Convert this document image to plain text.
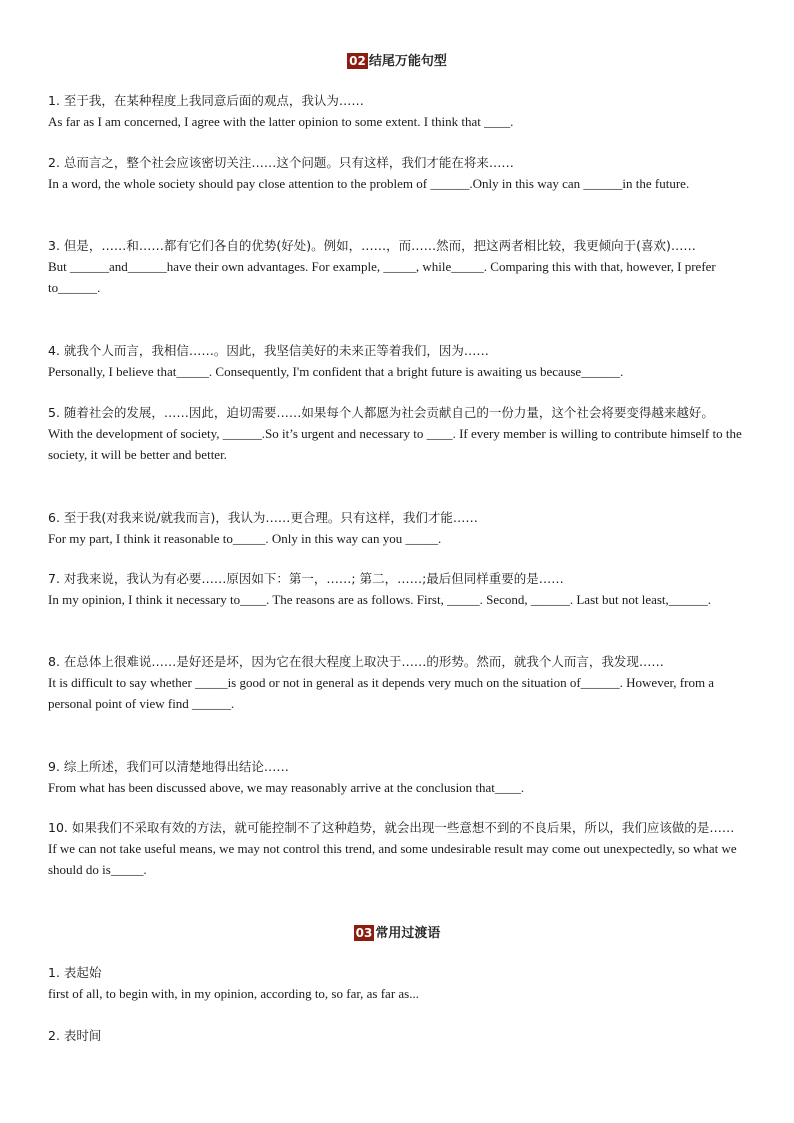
02 结尾万能句型
1. 至于我，在某种程度上我同意后面的观点，我认为……
As far as I am concerned, I agree with the latter opinion to some extent. I think that ____.
2. 总而言之，整个社会应该密切关注……这个问题。只有这样，我们才能在将来……
In a word, the whole society should pay close attention to the problem of ______.Only in this way can ______in the future.
3. 但是，……和……都有它们各自的优势(好处)。例如，……，而……然而，把这两者相比较，我更倾向于(喜欢)……
But ______and______have their own advantages. For example, _____, while_____. Comparing this with that, however, I prefer to______.
4. 就我个人而言，我相信……。因此，我坚信美好的未来正等着我们，因为……
Personally, I believe that_____. Consequently, I'm confident that a bright future is awaiting us because______.
5. 随着社会的发展，……因此，迫切需要……如果每个人都愿为社会贡献自己的一份力量，这个社会将要变得越来越好。
With the development of society, ______.So it’s urgent and necessary to ____. If every member is willing to contribute himself to the society, it will be better and better.
6. 至于我(对我来说/就我而言)，我认为……更合理。只有这样，我们才能……
For my part, I think it reasonable to_____. Only in this way can you _____.
7. 对我来说，我认为有必要……原因如下：第一，……; 第二，……;最后但同样重要的是……
In my opinion, I think it necessary to____. The reasons are as follows. First, _____. Second, ______. Last but not least,______.
8. 在总体上很难说……是好还是坏，因为它在很大程度上取决于……的形势。然而，就我个人而言，我发现……
It is difficult to say whether _____is good or not in general as it depends very much on the situation of______. However, from a personal point of view find ______.
9. 综上所述，我们可以清楚地得出结论……
From what has been discussed above, we may reasonably arrive at the conclusion that____.
10. 如果我们不采取有效的方法，就可能控制不了这种趋势，就会出现一些意想不到的不良后果，所以，我们应该做的是……
If we can not take useful means, we may not control this trend, and some undesirable result may come out unexpectedly, so what we should do is_____.
03 常用过渡语
1. 表起始
first of all, to begin with, in my opinion, according to, so far, as far as...
2. 表时间
